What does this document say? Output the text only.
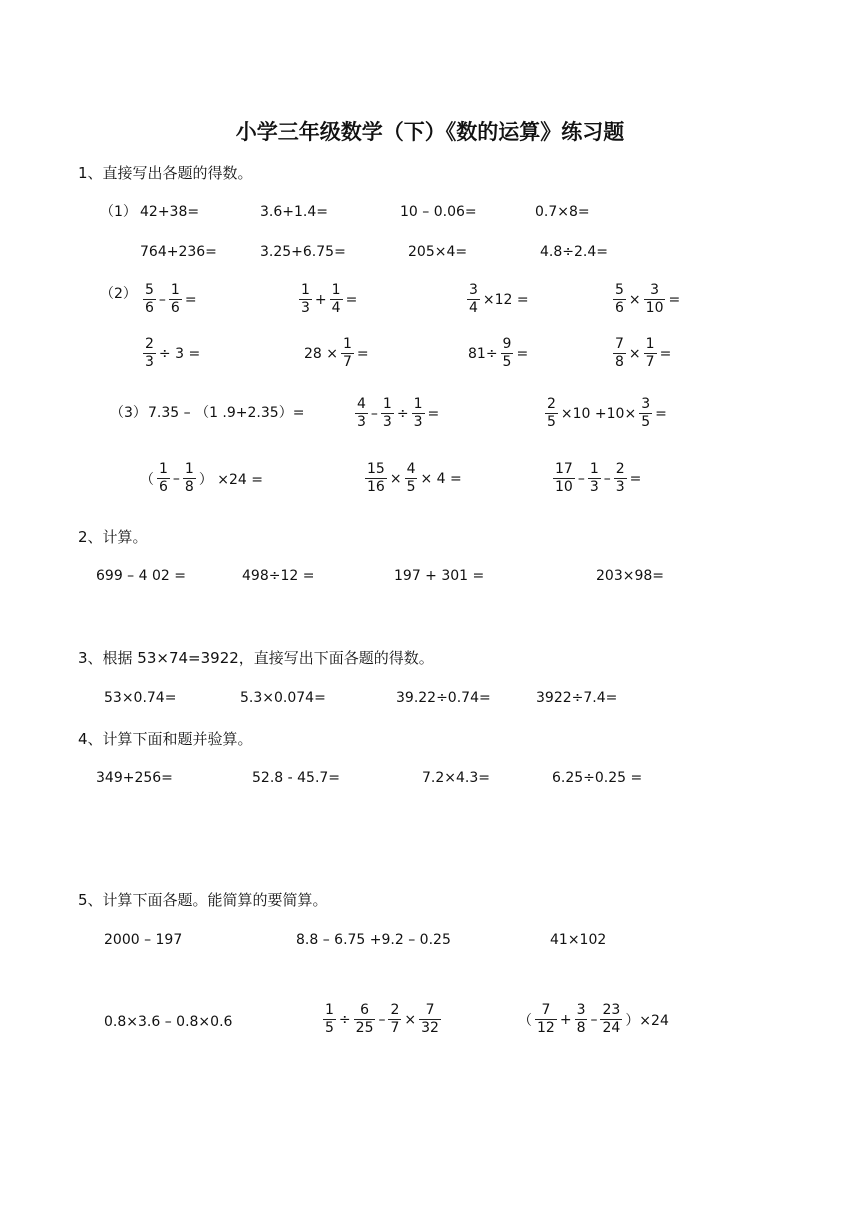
小学三年级数学（下）《数的运算》练习题
1、直接写出各题的得数。
（1） 42+38=	3.6+1.4=	10 – 0.06=	0.7×8=
764+236=	3.25+6.75=	205×4=	4.8÷2.4=
$(2) \frac{5}{6} - \frac{1}{6}$ =	$\frac{1}{3} + \frac{1}{4}$ =	$\frac{3}{4} \times 12$ =	$\frac{5}{6} \times \frac{3}{10}$ =
$\frac{2}{3} \div 3$ =	$28 \times \frac{1}{7}$ =	$81\div \frac{9}{5}$ =	$\frac{7}{8} \times \frac{1}{7}$ =
（3） 7.35 – （1 .9+2.35）=	$\frac{4}{3} - \frac{1}{3} \div \frac{1}{3}$ =	$\frac{2}{5} \times 10 +10\times \frac{3}{5}$ =
（ $\frac{1}{6} - \frac{1}{8}$ ） ×24 =	$\frac{15}{16} \times \frac{4}{5} \times 4$ =	$\frac{17}{10} - \frac{1}{3} - \frac{2}{3}$ =
2、计算。
699 – 4 02 =	498÷12 =	197 + 301 =	203×98=
3、根据 53×74=3922，直接写出下面各题的得数。
53×0.74=	5.3×0.074=	39.22÷0.74=	3922÷7.4=
4、计算下面和题并验算。
349+256=	52.8 - 45.7=	7.2×4.3=	6.25÷0.25 =
5、计算下面各题。能简算的要简算。
2000 – 197	8.8 – 6.75 +9.2 – 0.25	41×102
0.8×3.6 – 0.8×0.6	$\frac{1}{5} \div \frac{6}{25} - \frac{2}{7} \times \frac{7}{32}$	（ $\frac{7}{12} + \frac{3}{8} - \frac{23}{24} )\times 24$
